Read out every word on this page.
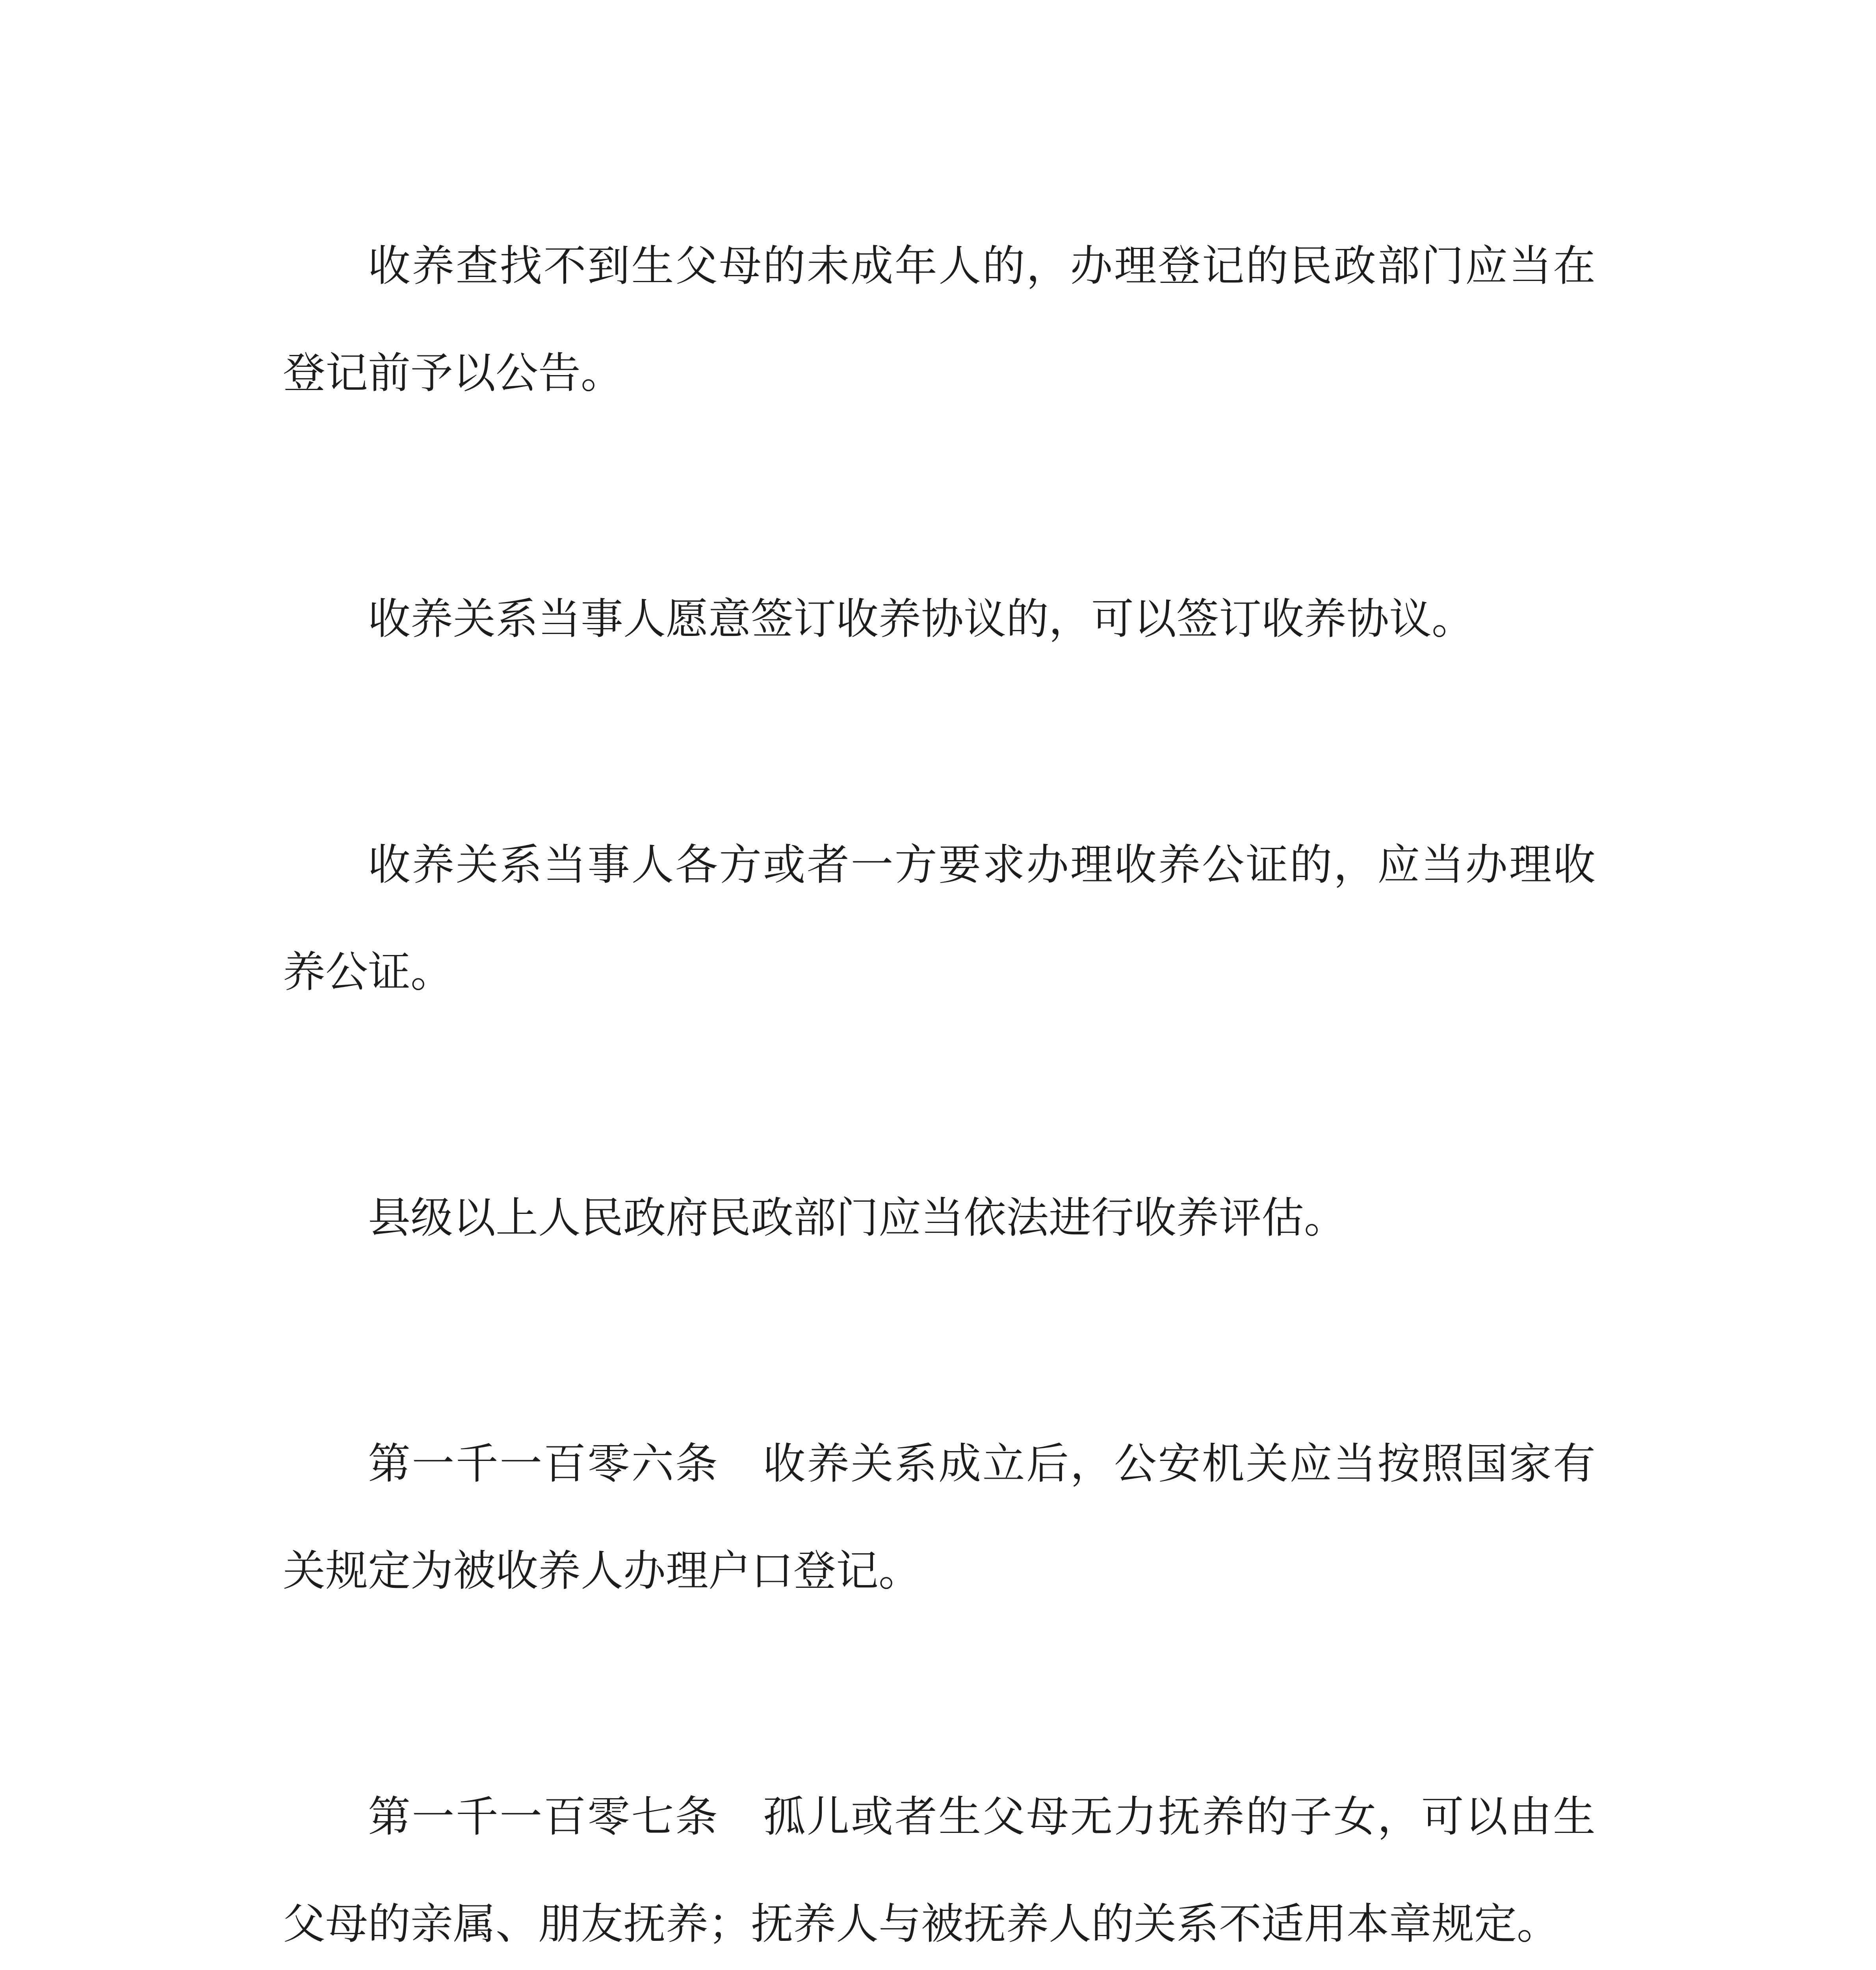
收养查找不到生父母的未成年人的，办理登记的民政部门应当在登记前予以公告。

收养关系当事人愿意签订收养协议的，可以签订收养协议。

收养关系当事人各方或者一方要求办理收养公证的，应当办理收养公证。

县级以上人民政府民政部门应当依法进行收养评估。

第一千一百零六条　收养关系成立后，公安机关应当按照国家有关规定为被收养人办理户口登记。

第一千一百零七条　孤儿或者生父母无力抚养的子女，可以由生父母的亲属、朋友抚养；抚养人与被抚养人的关系不适用本章规定。
